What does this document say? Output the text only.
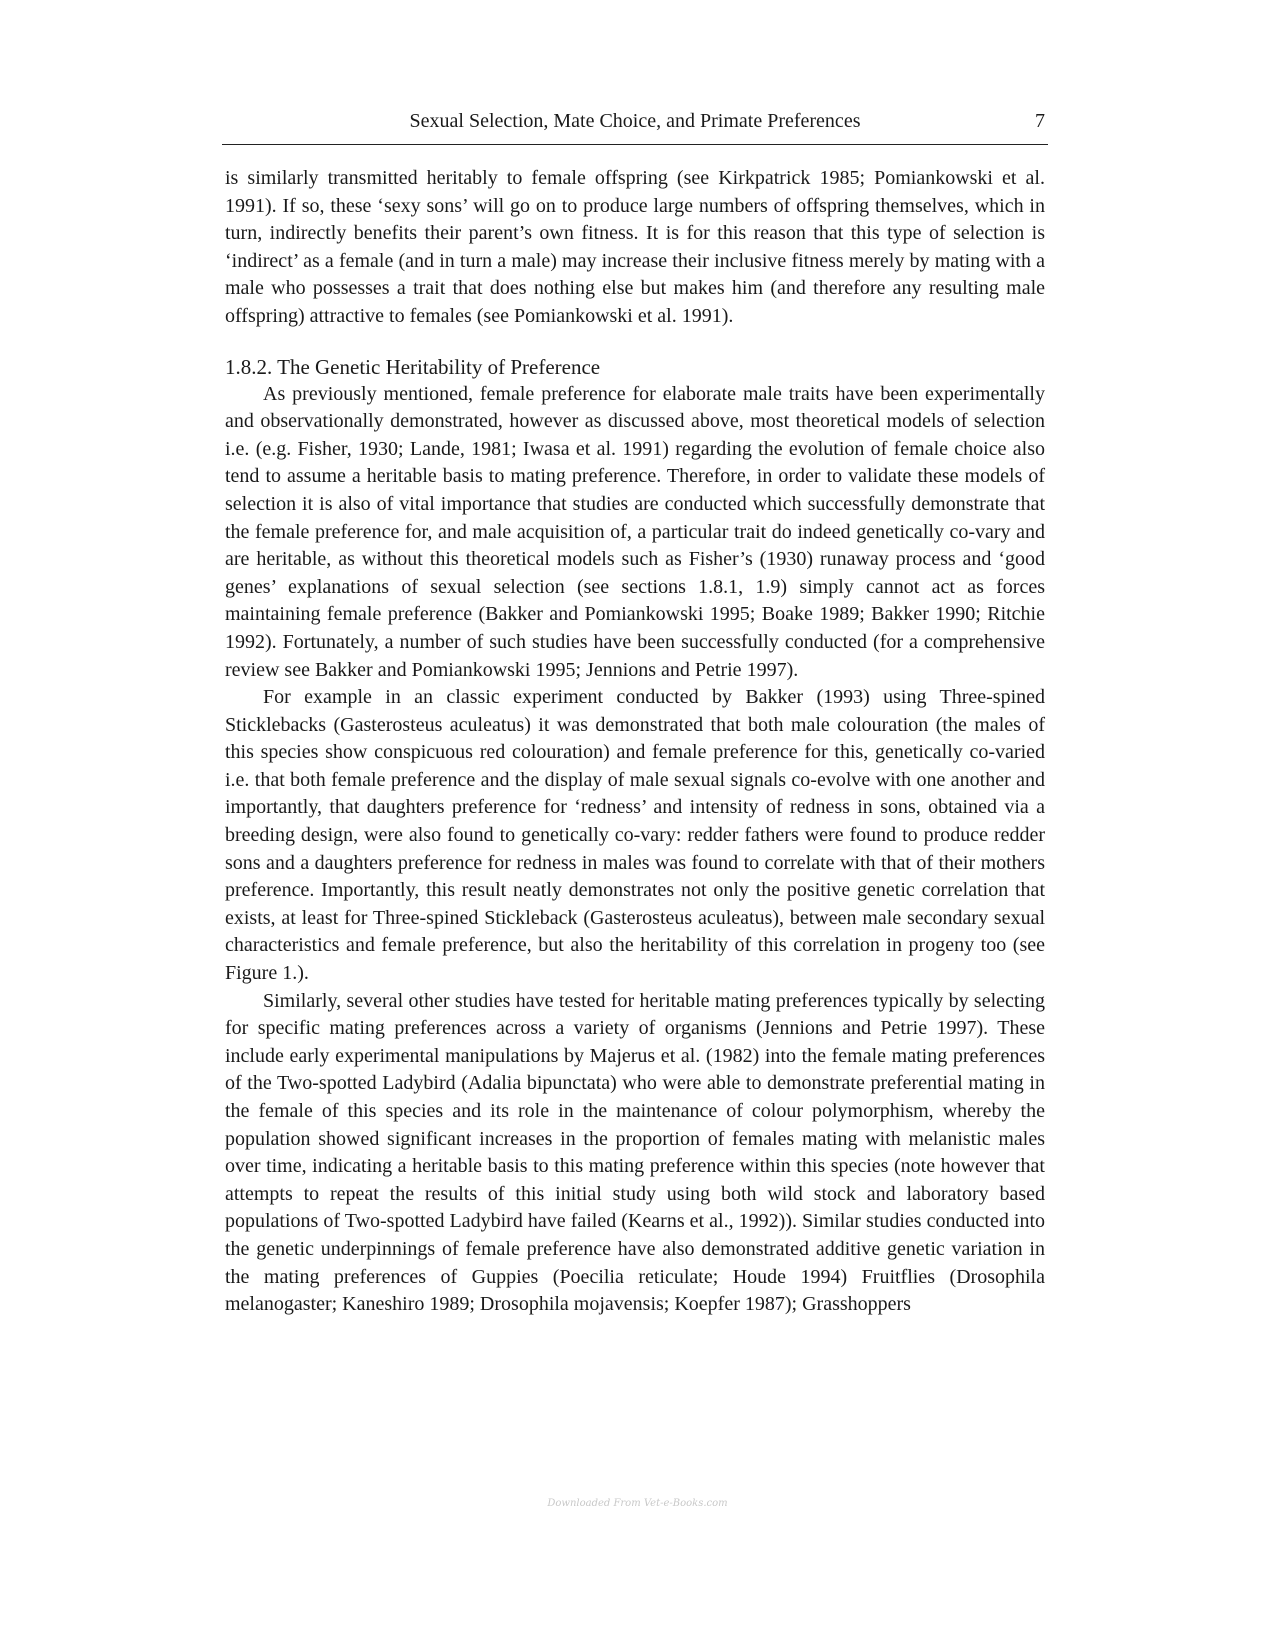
Sexual Selection, Mate Choice, and Primate Preferences	7

is similarly transmitted heritably to female offspring (see Kirkpatrick 1985; Pomiankowski et al. 1991). If so, these ‘sexy sons’ will go on to produce large numbers of offspring themselves, which in turn, indirectly benefits their parent’s own fitness. It is for this reason that this type of selection is ‘indirect’ as a female (and in turn a male) may increase their inclusive fitness merely by mating with a male who possesses a trait that does nothing else but makes him (and therefore any resulting male offspring) attractive to females (see Pomiankowski et al. 1991).

1.8.2. The Genetic Heritability of Preference

As previously mentioned, female preference for elaborate male traits have been experimentally and observationally demonstrated, however as discussed above, most theoretical models of selection i.e. (e.g. Fisher, 1930; Lande, 1981; Iwasa et al. 1991) regarding the evolution of female choice also tend to assume a heritable basis to mating preference. Therefore, in order to validate these models of selection it is also of vital importance that studies are conducted which successfully demonstrate that the female preference for, and male acquisition of, a particular trait do indeed genetically co-vary and are heritable, as without this theoretical models such as Fisher’s (1930) runaway process and ‘good genes’ explanations of sexual selection (see sections 1.8.1, 1.9) simply cannot act as forces maintaining female preference (Bakker and Pomiankowski 1995; Boake 1989; Bakker 1990; Ritchie 1992). Fortunately, a number of such studies have been successfully conducted (for a comprehensive review see Bakker and Pomiankowski 1995; Jennions and Petrie 1997).

For example in an classic experiment conducted by Bakker (1993) using Three-spined Sticklebacks (Gasterosteus aculeatus) it was demonstrated that both male colouration (the males of this species show conspicuous red colouration) and female preference for this, genetically co-varied i.e. that both female preference and the display of male sexual signals co-evolve with one another and importantly, that daughters preference for ‘redness’ and intensity of redness in sons, obtained via a breeding design, were also found to genetically co-vary: redder fathers were found to produce redder sons and a daughters preference for redness in males was found to correlate with that of their mothers preference. Importantly, this result neatly demonstrates not only the positive genetic correlation that exists, at least for Three-spined Stickleback (Gasterosteus aculeatus), between male secondary sexual characteristics and female preference, but also the heritability of this correlation in progeny too (see Figure 1.).

Similarly, several other studies have tested for heritable mating preferences typically by selecting for specific mating preferences across a variety of organisms (Jennions and Petrie 1997). These include early experimental manipulations by Majerus et al. (1982) into the female mating preferences of the Two-spotted Ladybird (Adalia bipunctata) who were able to demonstrate preferential mating in the female of this species and its role in the maintenance of colour polymorphism, whereby the population showed significant increases in the proportion of females mating with melanistic males over time, indicating a heritable basis to this mating preference within this species (note however that attempts to repeat the results of this initial study using both wild stock and laboratory based populations of Two-spotted Ladybird have failed (Kearns et al., 1992)). Similar studies conducted into the genetic underpinnings of female preference have also demonstrated additive genetic variation in the mating preferences of Guppies (Poecilia reticulate; Houde 1994) Fruitflies (Drosophila melanogaster; Kaneshiro 1989; Drosophila mojavensis; Koepfer 1987); Grasshoppers

Downloaded From Vet-e-Books.com
